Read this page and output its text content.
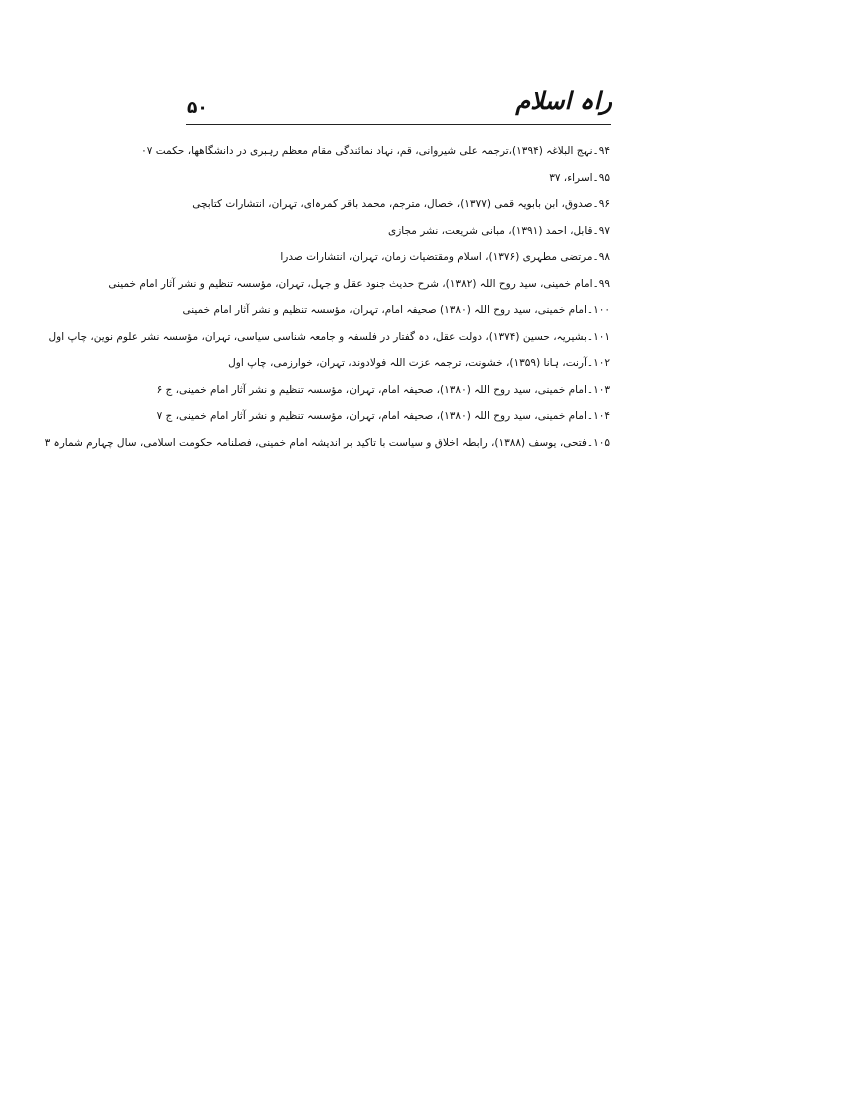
راہ اسلام
۵۰
۹۴۔نہج البلاغہ (۱۳۹۴)،ترجمہ علی شیروانی، قم، نہاد نمائندگی مقام معظم رہبری در دانشگاهها، حکمت ۰۷
۹۵۔اسراء، ۳۷
۹۶۔صدوق، ابن بابویہ قمی (۱۳۷۷)، خصال، مترجم، محمد باقر کمرہ‌ای، تہران، انتشارات کتابچی
۹۷۔قابل، احمد (۱۳۹۱)، مبانی شریعت، نشر مجازی
۹۸۔مرتضی مطہری (۱۳۷۶)، اسلام ومقتضیات زمان، تہران، انتشارات صدرا
۹۹۔امام خمینی، سید روح اللہ (۱۳۸۲)، شرح حدیث جنود عقل و جہل، تہران، مؤسسہ تنظیم و نشر آثار امام خمینی
۱۰۰۔امام خمینی، سید روح اللہ (۱۳۸۰) صحیفہ امام، تہران، مؤسسہ تنظیم و نشر آثار امام خمینی
۱۰۱۔بشیریہ، حسین (۱۳۷۴)، دولت عقل، دہ گفتار در فلسفہ و جامعہ شناسی سیاسی، تہران، مؤسسہ نشر علوم نوین، چاپ اول
۱۰۲۔آرنت، ہانا (۱۳۵۹)، خشونت، ترجمہ عزت اللہ فولادوند، تہران، خوارزمی، چاپ اول
۱۰۳۔امام خمینی، سید روح اللہ (۱۳۸۰)، صحیفہ امام، تہران، مؤسسہ تنظیم و نشر آثار امام خمینی، ج ۶
۱۰۴۔امام خمینی، سید روح اللہ (۱۳۸۰)، صحیفہ امام، تہران، مؤسسہ تنظیم و نشر آثار امام خمینی، ج ۷
۱۰۵۔فتحی، یوسف (۱۳۸۸)، رابطہ اخلاق و سیاست با تاکید بر اندیشہ امام خمینی، فصلنامہ حکومت اسلامی، سال چہارم شمارہ ۳
